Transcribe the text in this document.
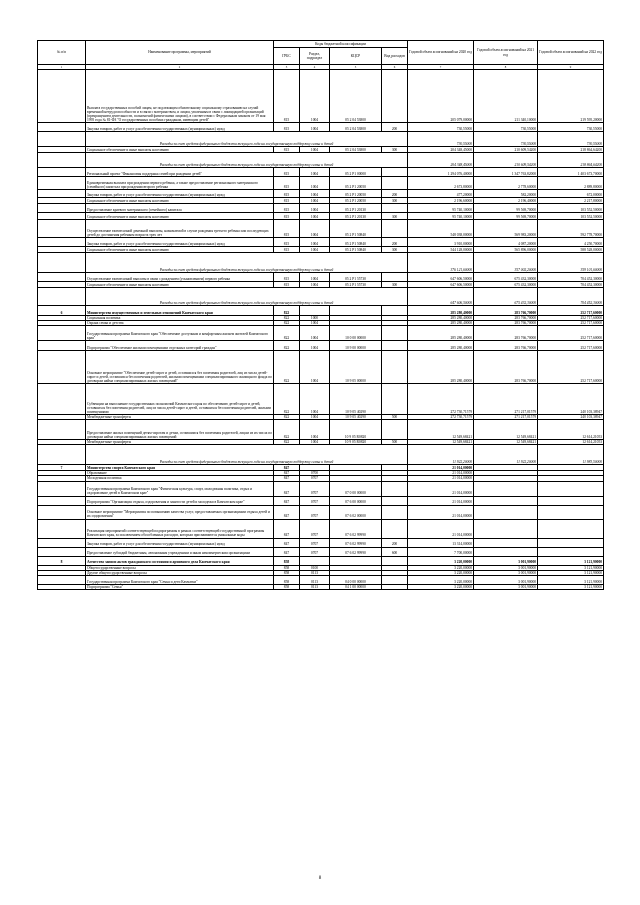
№ п/п	Наименование программы, мероприятий	Коды бюджетной классификации				Годовой объем ассигнований на 2020 год	Годовой объем ассигнований на 2021 год	Годовой объем ассигнований на 2022 год
		ГРБС	Раздел, подраздел	КЦСР	Вид расходов			
1	2	3	4	5	6	7	8	9
	Выплата государственных пособий лицам, не подлежащим обязательному социальному страхованию на случай временной нетрудоспособности и в связи с материнством, и лицам, уволенным в связи с ликвидацией организаций (прекращением деятельности, полномочий физическими лицами), в соответствии с Федеральным законом от 19 мая 1995 года № 81-ФЗ "О государственных пособиях гражданам, имеющим детей"	815	1004	05 2 04 53800		205 079,00000	211 340,10000	219 595,20000
	Закупка товаров, работ и услуг для обеспечения государственных (муниципальных) нужд	815	1004	05 2 04 53800	200	730,55000	730,55000	730,55000
	Расходы за счет средств федерального бюджета текущего года на государственную поддержку семьи и детей					730,55000	730,55000	730,55000
	Социальное обеспечение и иные выплаты населению	815	1004	05 2 04 53800	300	204 348,45000	210 609,54200	218 864,64200
	Расходы за счет средств федерального бюджета текущего года на государственную поддержку семьи и детей					204 348,45000	210 609,54200	218 864,64200
	Региональный проект "Финансовая поддержка семей при рождении детей"	815	1004	05 2 P1 00000		1 294 076,40000	1 347 763,82000	1 403 673,70000
	Единовременная выплата при рождении первого ребенка, а также предоставление регионального материнского (семейного) капитала при рождении второго ребенка	815	1004	05 2 P1 20050		2 673,80000	2 778,60000	2 889,80000
	Закупка товаров, работ и услуг для обеспечения государственных (муниципальных) нужд	815	1004	05 2 P1 20050	200	477,20000	582,20000	672,00000
	Социальное обеспечение и иные выплаты населению	815	1004	05 2 P1 20050	300	2 196,60000	2 196,40000	2 217,80000
	Предоставление краевого материнского (семейного) капитала	815	1004	05 2 P1 20130		95 740,10000	99 569,70000	103 552,50000
	Социальное обеспечение и иные выплаты населению	815	1004	05 2 P1 20130	300	95 740,10000	99 569,70000	103 552,50000
	Осуществление ежемесячной денежной выплаты, назначаемой в случае рождения третьего ребенка или последующих детей до достижения ребенком возраста трех лет	815	1004	05 2 P1 50840		548 038,00000	569 983,20000	592 778,70000
	Закупка товаров, работ и услуг для обеспечения государственных (муниципальных) нужд	815	1004	05 2 P1 50840	200	3 910,00000	4 087,20000	4 250,70000
	Социальное обеспечение и иные выплаты населению	815	1004	05 2 P1 50840	300	544 128,00000	565 896,00000	588 528,00000
	Расходы за счет средств федерального бюджета текущего года на государственную поддержку семьи и детей					376 121,60000	357 002,20000	359 101,60000
	Осуществление ежемесячной выплаты в связи с рождением (усыновлением) первого ребенка	815	1004	05 2 P1 55730		647 606,50000	675 432,30000	704 452,30000
	Социальное обеспечение и иные выплаты населению	815	1004	05 2 P1 55730	300	647 606,50000	675 432,30000	704 452,30000
	Расходы за счет средств федерального бюджета текущего года на государственную поддержку семьи и детей					647 606,50000	675 432,30000	704 452,30000
6	Министерство имущественных и земельных отношений Камчатского края	822				285 280,40000	283 766,70000	252 717,60000
	Социальная политика	822	1000			285 280,40000	283 766,70000	252 717,60000
	Охрана семьи и детства	822	1004			285 280,40000	283 766,70000	252 717,60000
	Государственная программа Камчатского края "Обеспечение доступным и комфортным жильем жителей Камчатского края"	822	1004	10 0 00 00000		285 280,40000	283 766,70000	252 717,60000
	Подпрограмма "Обеспечение жилыми помещениями отдельных категорий граждан"	822	1004	10 9 00 00000		285 280,40000	283 766,70000	252 717,60000
	Основное мероприятие "Обеспечение детей-сирот и детей, оставшихся без попечения родителей, лиц из числа детей-сирот и детей, оставшихся без попечения родителей, жилыми помещениями специализированного жилищного фонда по договорам найма специализированных жилых помещений"	822	1004	10 9 05 00000		285 280,40000	283 766,70000	252 717,60000
	Субвенции на выполнение государственных полномочий Камчатского края по обеспечению детей-сирот и детей, оставшихся без попечения родителей, лиц из числа детей-сирот и детей, оставшихся без попечения родителей, жилыми помещениями	822	1004	10 9 05 40290		272 730,71579	271 217,01579	240 103,38947
	Межбюджетные трансферты	822	1004	10 9 05 40290	500	272 730,71579	271 217,01579	240 103,38947
	Предоставление жилых помещений детям-сиротам и детям, оставшимся без попечения родителей, лицам из их числа по договорам найма специализированных жилых помещений	822	1004	10 9 05 R0820		12 549,68421	12 549,68421	12 614,21053
	Межбюджетные трансферты	822	1004	10 9 05 R0820	500	12 549,68421	12 549,68421	12 614,21053
	Расходы за счет средств федерального бюджета текущего года на государственную поддержку семьи и детей					11 922,20000	11 922,20000	11 983,50000
7	Министерство спорта Камчатского края	847				21 014,00000		
	Образование	847	0700			21 014,00000		
	Молодежная политика	847	0707			21 014,00000		
	Государственная программа Камчатского края "Физическая культура, спорт, молодежная политика, отдых и оздоровление детей в Камчатском крае"	847	0707	07 0 00 00000		21 014,00000		
	Подпрограмма "Организация отдыха, оздоровления и занятости детей и молодежи в Камчатском крае"	847	0707	07 6 00 00000		21 014,00000		
	Основное мероприятие "Мероприятия по повышению качества услуг, предоставляемых организациями отдыха детей и их оздоровления"	847	0707	07 6 02 00000		21 014,00000		
	Реализация мероприятий соответствующей подпрограммы в рамках соответствующей государственной программы Камчатского края, за исключением обособленных расходов, которым присваиваются уникальные коды	847	0707	07 6 02 99990		21 014,00000		
	Закупка товаров, работ и услуг для обеспечения государственных (муниципальных) нужд	847	0707	07 6 02 99990	200	13 314,00000		
	Предоставление субсидий бюджетным, автономным учреждениям и иным некоммерческим организациям	847	0707	07 6 02 99990	600	7 700,00000		
8	Агентство записи актов гражданского состояния и архивного дела Камчатского края	858				3 220,00000	3 001,90000	3 121,90000
	Общегосударственные вопросы	858	0100			3 220,00000	3 001,90000	3 121,90000
	Другие общегосударственные вопросы	858	0113			3 220,00000	3 001,90000	3 121,90000
	Государственная программа Камчатского края "Семья и дети Камчатки"	858	0113	04 0 00 00000		3 220,00000	3 001,90000	3 121,90000
	Подпрограмма "Семья"	858	0113	04 1 00 00000		3 220,00000	3 001,90000	3 121,90000
8
